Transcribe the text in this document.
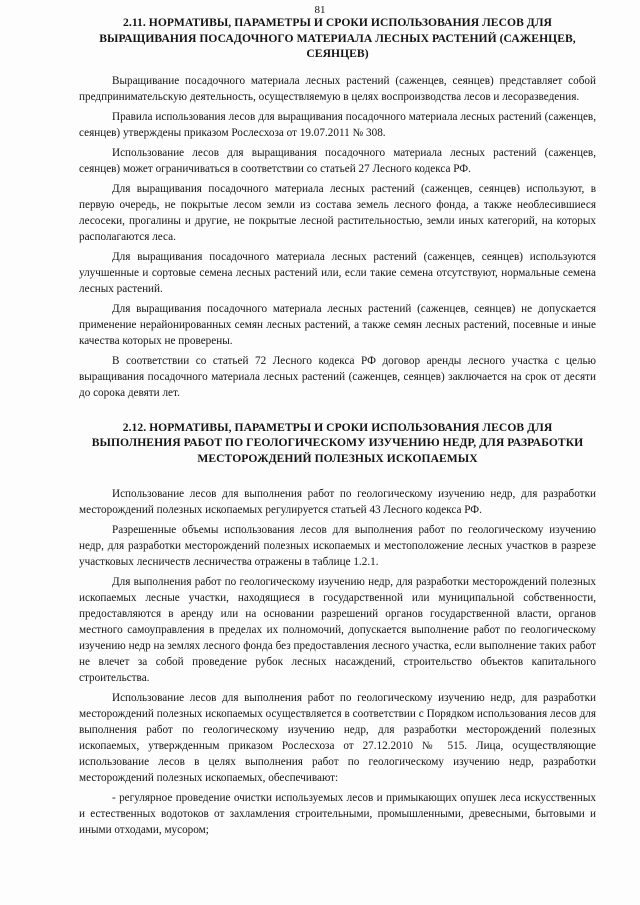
81
2.11. НОРМАТИВЫ, ПАРАМЕТРЫ И СРОКИ ИСПОЛЬЗОВАНИЯ ЛЕСОВ ДЛЯ ВЫРАЩИВАНИЯ ПОСАДОЧНОГО МАТЕРИАЛА ЛЕСНЫХ РАСТЕНИЙ (САЖЕНЦЕВ, СЕЯНЦЕВ)

Выращивание посадочного материала лесных растений (саженцев, сеянцев) представляет собой предпринимательскую деятельность, осуществляемую в целях воспроизводства лесов и лесоразведения.

Правила использования лесов для выращивания посадочного материала лесных растений (саженцев, сеянцев) утверждены приказом Рослесхоза от 19.07.2011 № 308.

Использование лесов для выращивания посадочного материала лесных растений (саженцев, сеянцев) может ограничиваться в соответствии со статьей 27 Лесного кодекса РФ.

Для выращивания посадочного материала лесных растений (саженцев, сеянцев) используют, в первую очередь, не покрытые лесом земли из состава земель лесного фонда, а также необлесившиеся лесосеки, прогалины и другие, не покрытые лесной растительностью, земли иных категорий, на которых располагаются леса.

Для выращивания посадочного материала лесных растений (саженцев, сеянцев) используются улучшенные и сортовые семена лесных растений или, если такие семена отсутствуют, нормальные семена лесных растений.

Для выращивания посадочного материала лесных растений (саженцев, сеянцев) не допускается применение нерайонированных семян лесных растений, а также семян лесных растений, посевные и иные качества которых не проверены.

В соответствии со статьей 72 Лесного кодекса РФ договор аренды лесного участка с целью выращивания посадочного материала лесных растений (саженцев, сеянцев) заключается на срок от десяти до сорока девяти лет.

2.12. НОРМАТИВЫ, ПАРАМЕТРЫ И СРОКИ ИСПОЛЬЗОВАНИЯ ЛЕСОВ ДЛЯ ВЫПОЛНЕНИЯ РАБОТ ПО ГЕОЛОГИЧЕСКОМУ ИЗУЧЕНИЮ НЕДР, ДЛЯ РАЗРАБОТКИ МЕСТОРОЖДЕНИЙ ПОЛЕЗНЫХ ИСКОПАЕМЫХ

Использование лесов для выполнения работ по геологическому изучению недр, для разработки месторождений полезных ископаемых регулируется статьей 43 Лесного кодекса РФ.

Разрешенные объемы использования лесов для выполнения работ по геологическому изучению недр, для разработки месторождений полезных ископаемых и местоположение лесных участков в разрезе участковых лесничеств лесничества отражены в таблице 1.2.1.

Для выполнения работ по геологическому изучению недр, для разработки месторождений полезных ископаемых лесные участки, находящиеся в государственной или муниципальной собственности, предоставляются в аренду или на основании разрешений органов государственной власти, органов местного самоуправления в пределах их полномочий, допускается выполнение работ по геологическому изучению недр на землях лесного фонда без предоставления лесного участка, если выполнение таких работ не влечет за собой проведение рубок лесных насаждений, строительство объектов капитального строительства.

Использование лесов для выполнения работ по геологическому изучению недр, для разработки месторождений полезных ископаемых осуществляется в соответствии с Порядком использования лесов для выполнения работ по геологическому изучению недр, для разработки месторождений полезных ископаемых, утвержденным приказом Рослесхоза от 27.12.2010 № 515. Лица, осуществляющие использование лесов в целях выполнения работ по геологическому изучению недр, разработки месторождений полезных ископаемых, обеспечивают:

- регулярное проведение очистки используемых лесов и примыкающих опушек леса искусственных и естественных водотоков от захламления строительными, промышленными, древесными, бытовыми и иными отходами, мусором;
